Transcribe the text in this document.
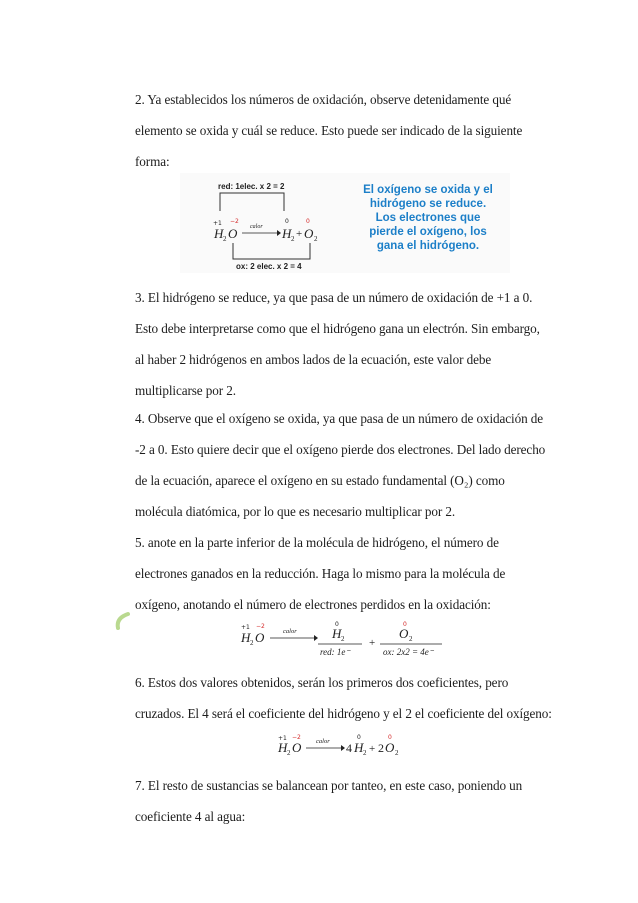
2. Ya establecidos los números de oxidación, observe detenidamente qué
elemento se oxida y cuál se reduce. Esto puede ser indicado de la siguiente
forma:
red: 1elec. x 2 = 2
+1 −2
H 2 O calor
0
H 2 +
0
O 2
ox: 2 elec. x 2 = 4
El oxígeno se oxida y el
hidrógeno se reduce.
Los electrones que
pierde el oxígeno, los
gana el hidrógeno.
3. El hidrógeno se reduce, ya que pasa de un número de oxidación de +1 a 0.
Esto debe interpretarse como que el hidrógeno gana un electrón. Sin embargo,
al haber 2 hidrógenos en ambos lados de la ecuación, este valor debe
multiplicarse por 2.
4. Observe que el oxígeno se oxida, ya que pasa de un número de oxidación de
-2 a 0. Esto quiere decir que el oxígeno pierde dos electrones. Del lado derecho
de la ecuación, aparece el oxígeno en su estado fundamental (O₂) como
molécula diatómica, por lo que es necesario multiplicar por 2.
5. anote en la parte inferior de la molécula de hidrógeno, el número de
electrones ganados en la reducción. Haga lo mismo para la molécula de
oxígeno, anotando el número de electrones perdidos en la oxidación:
+1 −2
H 2 O	calor
0
H 2
red: 1e⁻
+
0
O 2
ox: 2x2 = 4e⁻
6. Estos dos valores obtenidos, serán los primeros dos coeficientes, pero
cruzados. El 4 será el coeficiente del hidrógeno y el 2 el coeficiente del oxígeno:
+1 −2
H 2 O calor 4
0
H 2 + 2
0
O 2
7. El resto de sustancias se balancean por tanteo, en este caso, poniendo un
coeficiente 4 al agua:
